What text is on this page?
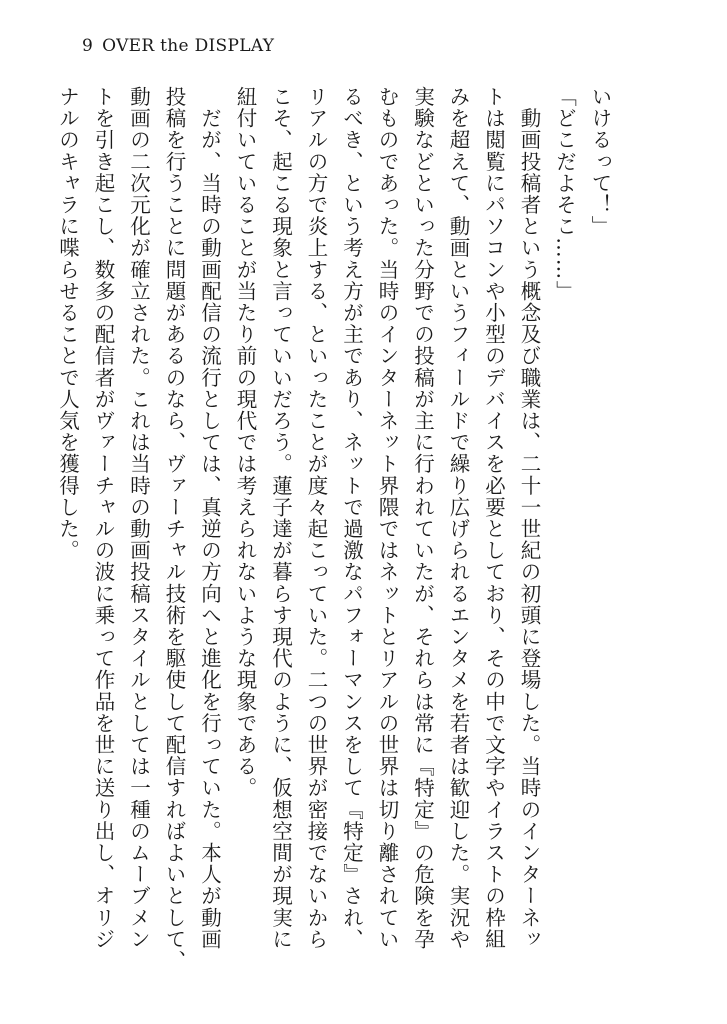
9 OVER the DISPLAY
いけるって！」
「どこだよそこ……」
　動画投稿者という概念及び職業は、二十一世紀の初頭に登場した。当時のインターネッ
トは閲覧にパソコンや小型のデバイスを必要としており、その中で文字やイラストの枠組
みを超えて、動画というフィールドで繰り広げられるエンタメを若者は歓迎した。実況や
実験などといった分野での投稿が主に行われていたが、それらは常に『特定』の危険を孕
むものであった。当時のインターネット界隈ではネットとリアルの世界は切り離されてい
るべき、という考え方が主であり、ネットで過激なパフォーマンスをして『特定』され、
リアルの方で炎上する、といったことが度々起こっていた。二つの世界が密接でないから
こそ、起こる現象と言っていいだろう。蓮子達が暮らす現代のように、仮想空間が現実に
紐付いていることが当たり前の現代では考えられないような現象である。
　だが、当時の動画配信の流行としては、真逆の方向へと進化を行っていた。本人が動画
投稿を行うことに問題があるのなら、ヴァーチャル技術を駆使して配信すればよいとして、
動画の二次元化が確立された。これは当時の動画投稿スタイルとしては一種のムーブメン
トを引き起こし、数多の配信者がヴァーチャルの波に乗って作品を世に送り出し、オリジ
ナルのキャラに喋らせることで人気を獲得した。
